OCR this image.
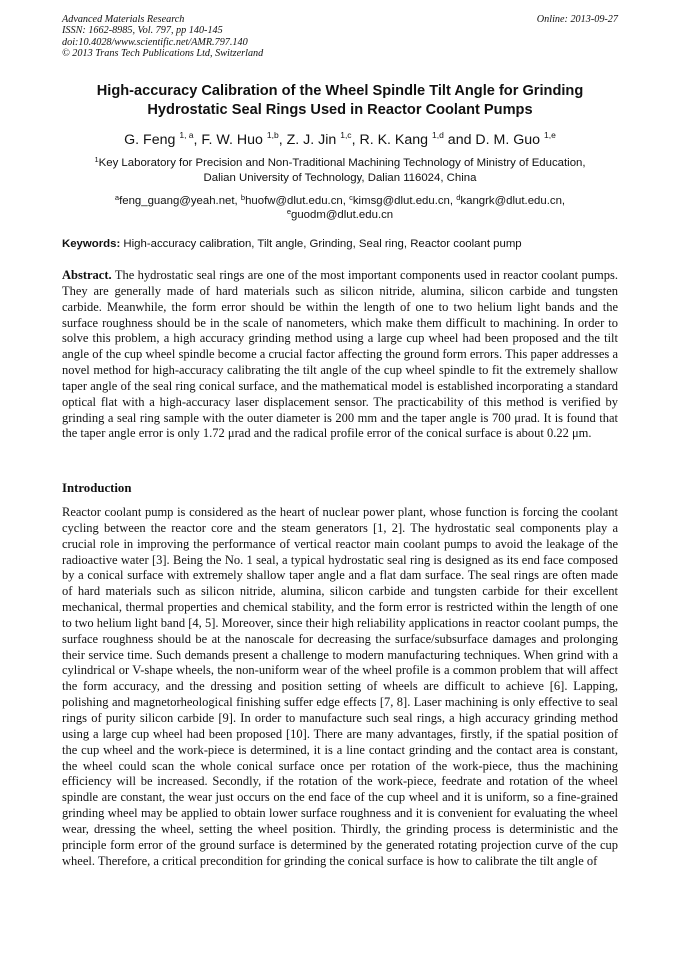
Advanced Materials Research
ISSN: 1662-8985, Vol. 797, pp 140-145
doi:10.4028/www.scientific.net/AMR.797.140
© 2013 Trans Tech Publications Ltd, Switzerland
Online: 2013-09-27
High-accuracy Calibration of the Wheel Spindle Tilt Angle for Grinding
Hydrostatic Seal Rings Used in Reactor Coolant Pumps
G. Feng $^{1, a}$, F. W. Huo $^{1,b}$, Z. J. Jin $^{1,c}$, R. K. Kang $^{1,d}$ and D. M. Guo $^{1,e}$
$^1$Key Laboratory for Precision and Non-Traditional Machining Technology of Ministry of Education,
Dalian University of Technology, Dalian 116024, China
$^a$feng_guang@yeah.net, $^b$huofw@dlut.edu.cn, $^c$kimsg@dlut.edu.cn, $^d$kangrk@dlut.edu.cn,
$^e$guodm@dlut.edu.cn
Keywords: High-accuracy calibration, Tilt angle, Grinding, Seal ring, Reactor coolant pump
Abstract. The hydrostatic seal rings are one of the most important components used in reactor coolant pumps. They are generally made of hard materials such as silicon nitride, alumina, silicon carbide and tungsten carbide. Meanwhile, the form error should be within the length of one to two helium light bands and the surface roughness should be in the scale of nanometers, which make them difficult to machining. In order to solve this problem, a high accuracy grinding method using a large cup wheel had been proposed and the tilt angle of the cup wheel spindle become a crucial factor affecting the ground form errors. This paper addresses a novel method for high-accuracy calibrating the tilt angle of the cup wheel spindle to fit the extremely shallow taper angle of the seal ring conical surface, and the mathematical model is established incorporating a standard optical flat with a high-accuracy laser displacement sensor. The practicability of this method is verified by grinding a seal ring sample with the outer diameter is 200 mm and the taper angle is 700 μrad. It is found that the taper angle error is only 1.72 μrad and the radical profile error of the conical surface is about 0.22 μm.
Introduction
Reactor coolant pump is considered as the heart of nuclear power plant, whose function is forcing the coolant cycling between the reactor core and the steam generators [1, 2]. The hydrostatic seal components play a crucial role in improving the performance of vertical reactor main coolant pumps to avoid the leakage of the radioactive water [3]. Being the No. 1 seal, a typical hydrostatic seal ring is designed as its end face composed by a conical surface with extremely shallow taper angle and a flat dam surface. The seal rings are often made of hard materials such as silicon nitride, alumina, silicon carbide and tungsten carbide for their excellent mechanical, thermal properties and chemical stability, and the form error is restricted within the length of one to two helium light band [4, 5]. Moreover, since their high reliability applications in reactor coolant pumps, the surface roughness should be at the nanoscale for decreasing the surface/subsurface damages and prolonging their service time. Such demands present a challenge to modern manufacturing techniques. When grind with a cylindrical or V-shape wheels, the non-uniform wear of the wheel profile is a common problem that will affect the form accuracy, and the dressing and position setting of wheels are difficult to achieve [6]. Lapping, polishing and magnetorheological finishing suffer edge effects [7, 8]. Laser machining is only effective to seal rings of purity silicon carbide [9]. In order to manufacture such seal rings, a high accuracy grinding method using a large cup wheel had been proposed [10]. There are many advantages, firstly, if the spatial position of the cup wheel and the work-piece is determined, it is a line contact grinding and the contact area is constant, the wheel could scan the whole conical surface once per rotation of the work-piece, thus the machining efficiency will be increased. Secondly, if the rotation of the work-piece, feedrate and rotation of the wheel spindle are constant, the wear just occurs on the end face of the cup wheel and it is uniform, so a fine-grained grinding wheel may be applied to obtain lower surface roughness and it is convenient for evaluating the wheel wear, dressing the wheel, setting the wheel position. Thirdly, the grinding process is deterministic and the principle form error of the ground surface is determined by the generated rotating projection curve of the cup wheel. Therefore, a critical precondition for grinding the conical surface is how to calibrate the tilt angle of
